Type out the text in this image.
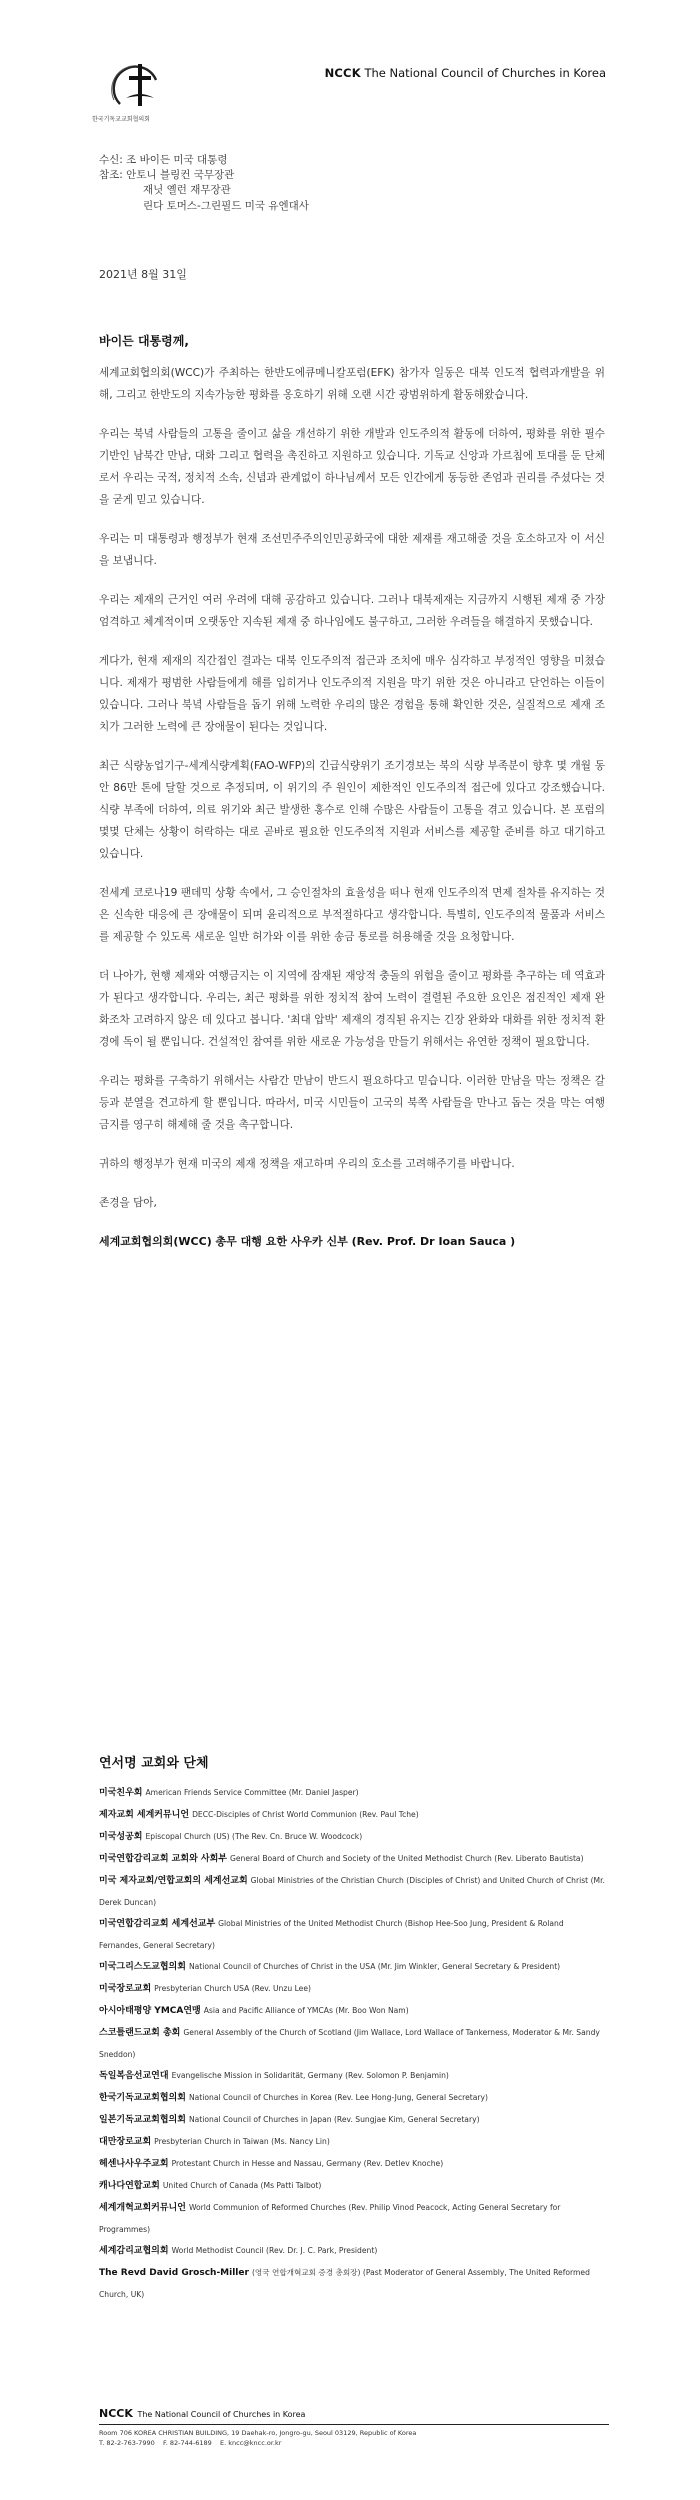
한국기독교교회협의회
NCCK The National Council of Churches in Korea
수신: 조 바이든 미국 대통령
참조: 안토니 블링컨 국무장관
재닛 옐런 재무장관
린다 토머스-그린필드 미국 유엔대사
2021년 8월 31일
바이든 대통령께,

세계교회협의회(WCC)가 주최하는 한반도에큐메니칼포럼(EFK) 참가자 일동은 대북 인도적 협력과개발을 위해, 그리고 한반도의 지속가능한 평화를 옹호하기 위해 오랜 시간 광범위하게 활동해왔습니다.

우리는 북녘 사람들의 고통을 줄이고 삶을 개선하기 위한 개발과 인도주의적 활동에 더하여, 평화를 위한 필수 기반인 남북간 만남, 대화 그리고 협력을 촉진하고 지원하고 있습니다. 기독교 신앙과 가르침에 토대를 둔 단체로서 우리는 국적, 정치적 소속, 신념과 관계없이 하나님께서 모든 인간에게 동등한 존엄과 권리를 주셨다는 것을 굳게 믿고 있습니다.

우리는 미 대통령과 행정부가 현재 조선민주주의인민공화국에 대한 제재를 재고해줄 것을 호소하고자 이 서신을 보냅니다.

우리는 제재의 근거인 여러 우려에 대해 공감하고 있습니다. 그러나 대북제재는 지금까지 시행된 제재 중 가장 엄격하고 체계적이며 오랫동안 지속된 제재 중 하나임에도 불구하고, 그러한 우려들을 해결하지 못했습니다.

게다가, 현재 제재의 직간접인 결과는 대북 인도주의적 접근과 조치에 매우 심각하고 부정적인 영향을 미쳤습니다. 제재가 평범한 사람들에게 해를 입히거나 인도주의적 지원을 막기 위한 것은 아니라고 단언하는 이들이 있습니다. 그러나 북녘 사람들을 돕기 위해 노력한 우리의 많은 경험을 통해 확인한 것은, 실질적으로 제재 조치가 그러한 노력에 큰 장애물이 된다는 것입니다.

최근 식량농업기구-세계식량계획(FAO-WFP)의 긴급식량위기 조기경보는 북의 식량 부족분이 향후 몇 개월 동안 86만 톤에 달할 것으로 추정되며, 이 위기의 주 원인이 제한적인 인도주의적 접근에 있다고 강조했습니다. 식량 부족에 더하여, 의료 위기와 최근 발생한 홍수로 인해 수많은 사람들이 고통을 겪고 있습니다. 본 포럼의 몇몇 단체는 상황이 허락하는 대로 곧바로 필요한 인도주의적 지원과 서비스를 제공할 준비를 하고 대기하고 있습니다.

전세계 코로나19 팬데믹 상황 속에서, 그 승인절차의 효율성을 떠나 현재 인도주의적 면제 절차를 유지하는 것은 신속한 대응에 큰 장애물이 되며 윤리적으로 부적절하다고 생각합니다. 특별히, 인도주의적 물품과 서비스를 제공할 수 있도록 새로운 일반 허가와 이를 위한 송금 통로를 허용해줄 것을 요청합니다.

더 나아가, 현행 제재와 여행금지는 이 지역에 잠재된 재앙적 충돌의 위험을 줄이고 평화를 추구하는 데 역효과가 된다고 생각합니다. 우리는, 최근 평화를 위한 정치적 참여 노력이 결렬된 주요한 요인은 점진적인 제재 완화조차 고려하지 않은 데 있다고 봅니다. '최대 압박' 제재의 경직된 유지는 긴장 완화와 대화를 위한 정치적 환경에 독이 될 뿐입니다. 건설적인 참여를 위한 새로운 가능성을 만들기 위해서는 유연한 정책이 필요합니다.

우리는 평화를 구축하기 위해서는 사람간 만남이 반드시 필요하다고 믿습니다. 이러한 만남을 막는 정책은 갈등과 분열을 견고하게 할 뿐입니다. 따라서, 미국 시민들이 고국의 북쪽 사람들을 만나고 돕는 것을 막는 여행금지를 영구히 해제해 줄 것을 촉구합니다.

귀하의 행정부가 현재 미국의 제재 정책을 재고하며 우리의 호소를 고려해주기를 바랍니다.

존경을 담아,

세계교회협의회(WCC) 총무 대행 요한 사우카 신부 (Rev. Prof. Dr Ioan Sauca )
연서명 교회와 단체
미국친우회 American Friends Service Committee (Mr. Daniel Jasper)
제자교회 세계커뮤니언 DECC-Disciples of Christ World Communion (Rev. Paul Tche)
미국성공회 Episcopal Church (US) (The Rev. Cn. Bruce W. Woodcock)
미국연합감리교회 교회와 사회부 General Board of Church and Society of the United Methodist Church (Rev. Liberato Bautista)
미국 제자교회/연합교회의 세계선교회 Global Ministries of the Christian Church (Disciples of Christ) and United Church of Christ (Mr. Derek Duncan)
미국연합감리교회 세계선교부 Global Ministries of the United Methodist Church (Bishop Hee-Soo Jung, President & Roland Fernandes, General Secretary)
미국그리스도교협의회 National Council of Churches of Christ in the USA (Mr. Jim Winkler, General Secretary & President)
미국장로교회 Presbyterian Church USA (Rev. Unzu Lee)
아시아태평양 YMCA연맹 Asia and Pacific Alliance of YMCAs (Mr. Boo Won Nam)
스코틀랜드교회 총회 General Assembly of the Church of Scotland (Jim Wallace, Lord Wallace of Tankerness, Moderator & Mr. Sandy Sneddon)
독일복음선교연대 Evangelische Mission in Solidarität, Germany (Rev. Solomon P. Benjamin)
한국기독교교회협의회 National Council of Churches in Korea (Rev. Lee Hong-Jung, General Secretary)
일본기독교교회협의회 National Council of Churches in Japan (Rev. Sungjae Kim, General Secretary)
대만장로교회 Presbyterian Church in Taiwan (Ms. Nancy Lin)
헤센나사우주교회 Protestant Church in Hesse and Nassau, Germany (Rev. Detlev Knoche)
캐나다연합교회 United Church of Canada (Ms Patti Talbot)
세계개혁교회커뮤니언 World Communion of Reformed Churches (Rev. Philip Vinod Peacock, Acting General Secretary for Programmes)
세계감리교협의회 World Methodist Council (Rev. Dr. J. C. Park, President)
The Revd David Grosch-Miller (영국 연합개혁교회 증경 총회장) (Past Moderator of General Assembly, The United Reformed Church, UK)
NCCK The National Council of Churches in Korea
Room 706 KOREA CHRISTIAN BUILDING, 19 Daehak-ro, Jongro-gu, Seoul 03129, Republic of Korea
T. 82-2-763-7990 F. 82-744-6189 E. kncc@kncc.or.kr
